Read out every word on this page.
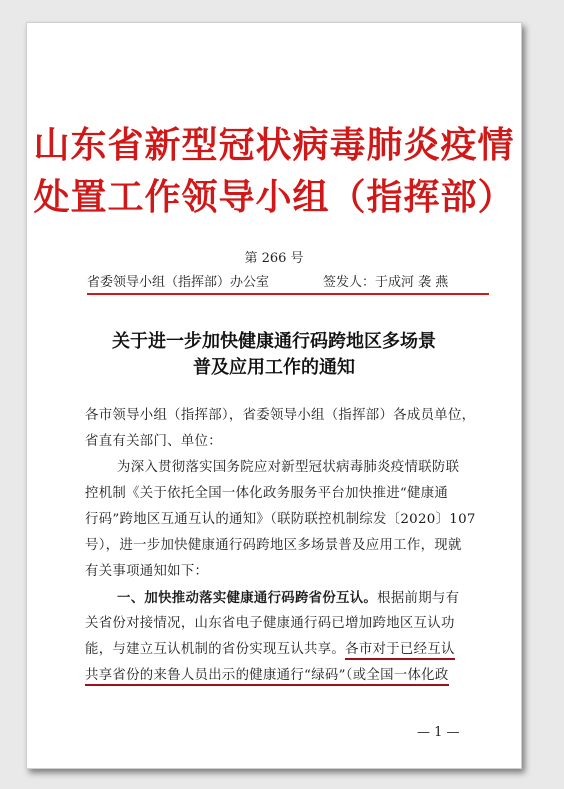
山东省新型冠状病毒肺炎疫情
处置工作领导小组（指挥部）
第 266 号
省委领导小组（指挥部）办公室	签发人：于成河 袭 燕
关于进一步加快健康通行码跨地区多场景
普及应用工作的通知
各市领导小组（指挥部），省委领导小组（指挥部）各成员单位，
省直有关部门、单位：
为深入贯彻落实国务院应对新型冠状病毒肺炎疫情联防联
控机制《关于依托全国一体化政务服务平台加快推进“健康通
行码”跨地区互通互认的通知》（联防联控机制综发〔2020〕107
号），进一步加快健康通行码跨地区多场景普及应用工作，现就
有关事项通知如下：
一、加快推动落实健康通行码跨省份互认。根据前期与有
关省份对接情况，山东省电子健康通行码已增加跨地区互认功
能，与建立互认机制的省份实现互认共享。各市对于已经互认
共享省份的来鲁人员出示的健康通行“绿码”（或全国一体化政
— 1 —
